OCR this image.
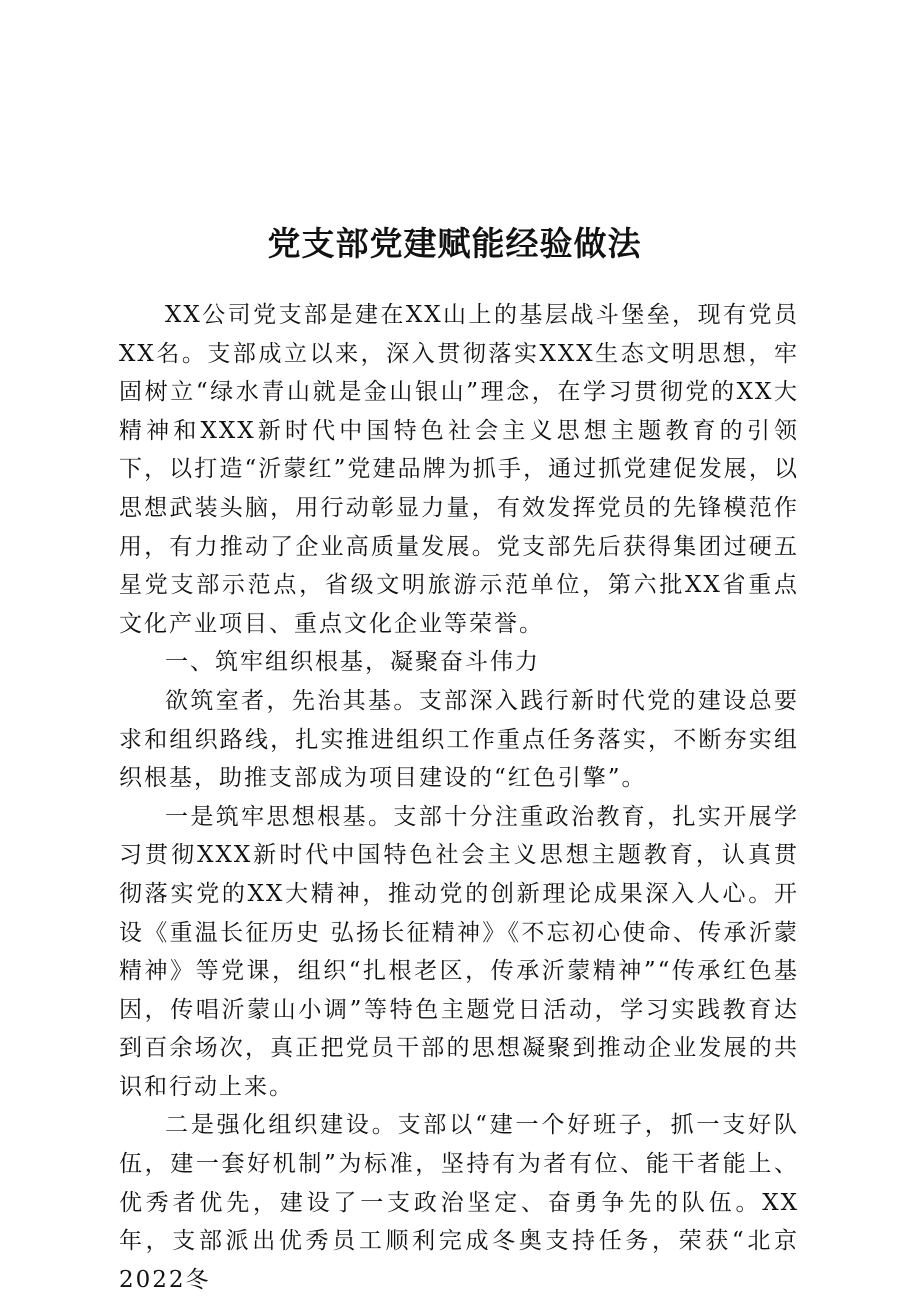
党支部党建赋能经验做法

XX公司党支部是建在XX山上的基层战斗堡垒，现有党员XX名。支部成立以来，深入贯彻落实XXX生态文明思想，牢固树立“绿水青山就是金山银山”理念，在学习贯彻党的XX大精神和XXX新时代中国特色社会主义思想主题教育的引领下，以打造“沂蒙红”党建品牌为抓手，通过抓党建促发展，以思想武装头脑，用行动彰显力量，有效发挥党员的先锋模范作用，有力推动了企业高质量发展。党支部先后获得集团过硬五星党支部示范点，省级文明旅游示范单位，第六批XX省重点文化产业项目、重点文化企业等荣誉。

一、筑牢组织根基，凝聚奋斗伟力

欲筑室者，先治其基。支部深入践行新时代党的建设总要求和组织路线，扎实推进组织工作重点任务落实，不断夯实组织根基，助推支部成为项目建设的“红色引擎”。

一是筑牢思想根基。支部十分注重政治教育，扎实开展学习贯彻XXX新时代中国特色社会主义思想主题教育，认真贯彻落实党的XX大精神，推动党的创新理论成果深入人心。开设《重温长征历史 弘扬长征精神》《不忘初心使命、传承沂蒙精神》等党课，组织“扎根老区，传承沂蒙精神”“传承红色基因，传唱沂蒙山小调”等特色主题党日活动，学习实践教育达到百余场次，真正把党员干部的思想凝聚到推动企业发展的共识和行动上来。

二是强化组织建设。支部以“建一个好班子，抓一支好队伍，建一套好机制”为标准，坚持有为者有位、能干者能上、优秀者优先，建设了一支政治坚定、奋勇争先的队伍。XX年，支部派出优秀员工顺利完成冬奥支持任务，荣获“北京2022冬
